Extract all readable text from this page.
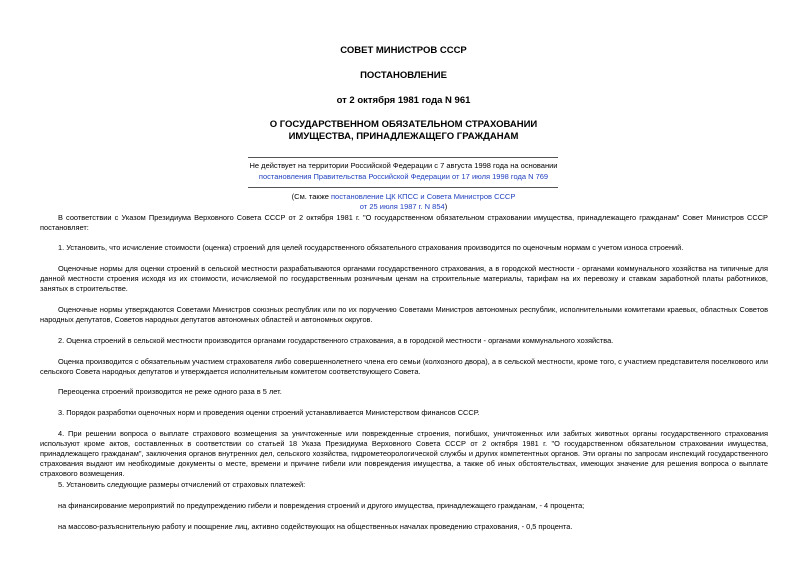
СОВЕТ МИНИСТРОВ СССР
ПОСТАНОВЛЕНИЕ
от 2 октября 1981 года N 961
О ГОСУДАРСТВЕННОМ ОБЯЗАТЕЛЬНОМ СТРАХОВАНИИ
ИМУЩЕСТВА, ПРИНАДЛЕЖАЩЕГО ГРАЖДАНАМ
Не действует на территории Российской Федерации с 7 августа 1998 года на основании
постановления Правительства Российской Федерации от 17 июля 1998 года N 769
(См. также постановление ЦК КПСС и Совета Министров СССР
от 25 июля 1987 г. N 854)
В соответствии с Указом Президиума Верховного Совета СССР от 2 октября 1981 г. "О государственном обязательном страховании имущества, принадлежащего гражданам" Совет Министров СССР постановляет:
1. Установить, что исчисление стоимости (оценка) строений для целей государственного обязательного страхования производится по оценочным нормам с учетом износа строений.
Оценочные нормы для оценки строений в сельской местности разрабатываются органами государственного страхования, а в городской местности - органами коммунального хозяйства на типичные для данной местности строения исходя из их стоимости, исчисляемой по государственным розничным ценам на строительные материалы, тарифам на их перевозку и ставкам заработной платы работников, занятых в строительстве.
Оценочные нормы утверждаются Советами Министров союзных республик или по их поручению Советами Министров автономных республик, исполнительными комитетами краевых, областных Советов народных депутатов, Советов народных депутатов автономных областей и автономных округов.
2. Оценка строений в сельской местности производится органами государственного страхования, а в городской местности - органами коммунального хозяйства.
Оценка производится с обязательным участием страхователя либо совершеннолетнего члена его семьи (колхозного двора), а в сельской местности, кроме того, с участием представителя поселкового или сельского Совета народных депутатов и утверждается исполнительным комитетом соответствующего Совета.
Переоценка строений производится не реже одного раза в 5 лет.
3. Порядок разработки оценочных норм и проведения оценки строений устанавливается Министерством финансов СССР.
4. При решении вопроса о выплате страхового возмещения за уничтоженные или поврежденные строения, погибших, уничтоженных или забитых животных органы государственного страхования используют кроме актов, составленных в соответствии со статьей 18 Указа Президиума Верховного Совета СССР от 2 октября 1981 г. "О государственном обязательном страховании имущества, принадлежащего гражданам", заключения органов внутренних дел, сельского хозяйства, гидрометеорологической службы и других компетентных органов. Эти органы по запросам инспекций государственного страхования выдают им необходимые документы о месте, времени и причине гибели или повреждения имущества, а также об иных обстоятельствах, имеющих значение для решения вопроса о выплате страхового возмещения.
5. Установить следующие размеры отчислений от страховых платежей:
на финансирование мероприятий по предупреждению гибели и повреждения строений и другого имущества, принадлежащего гражданам, - 4 процента;
на массово-разъяснительную работу и поощрение лиц, активно содействующих на общественных началах проведению страхования, - 0,5 процента.
